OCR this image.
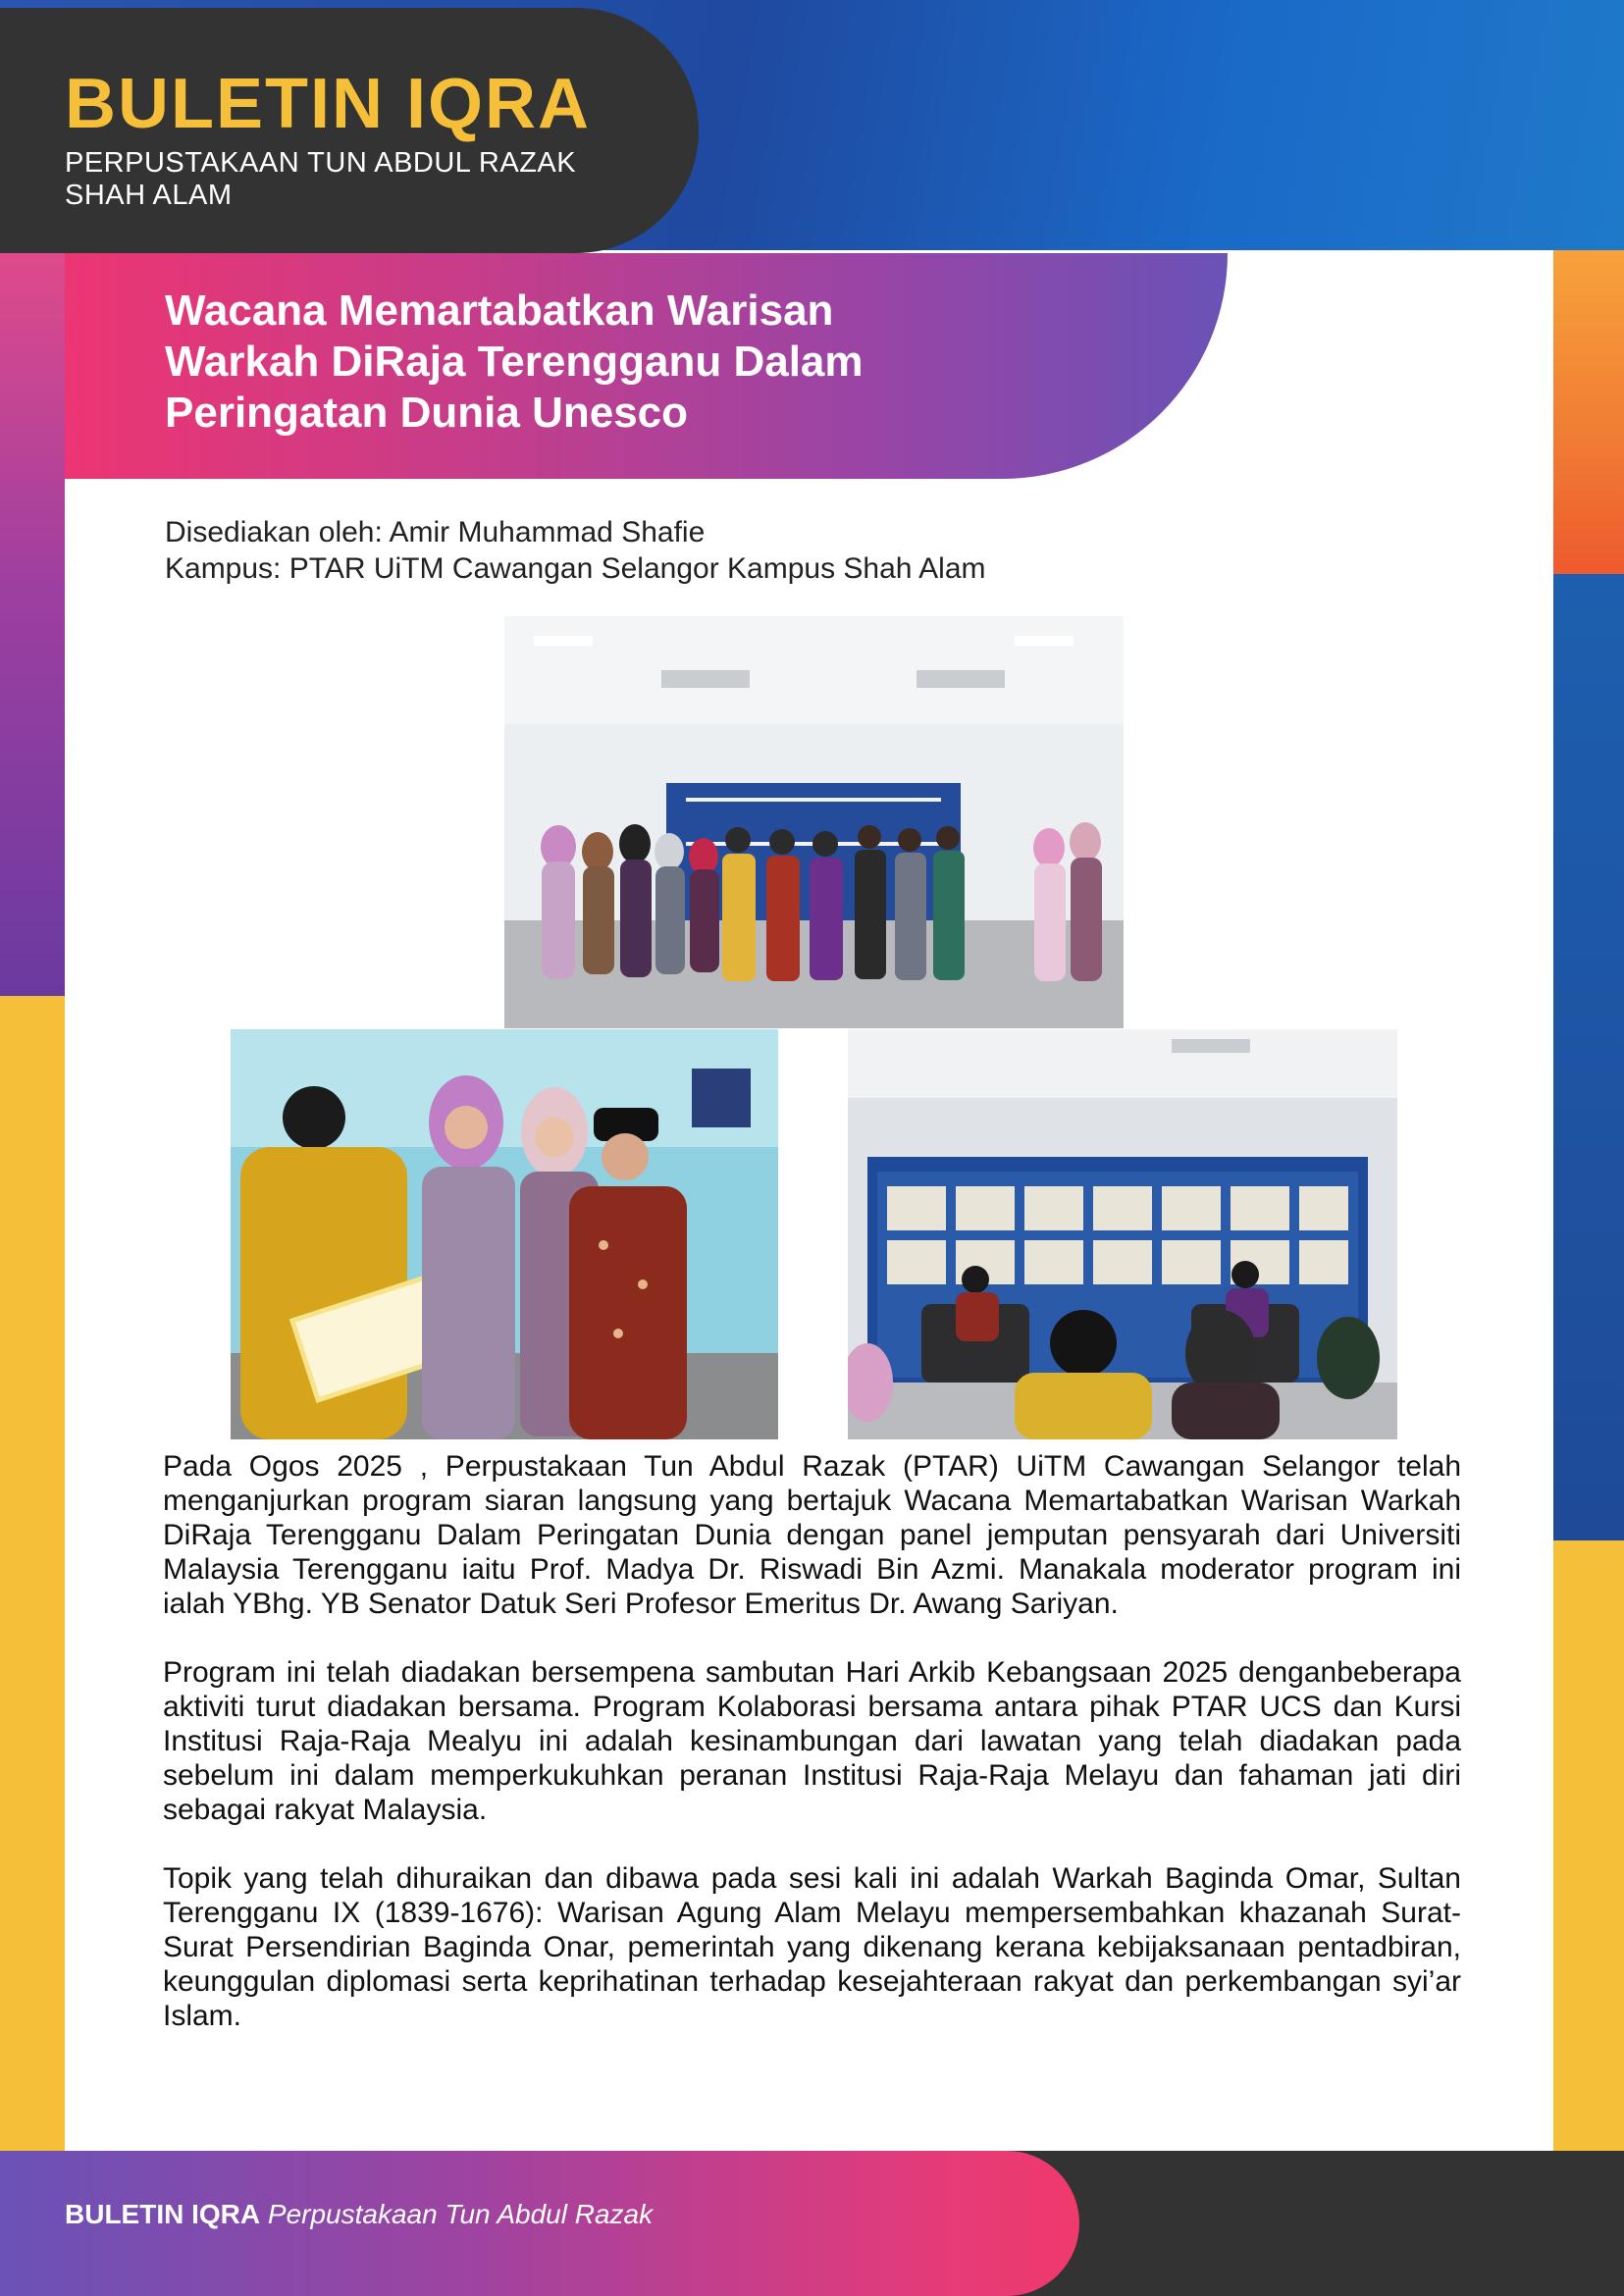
BULETIN IQRA
PERPUSTAKAAN TUN ABDUL RAZAK
SHAH ALAM
Wacana Memartabatkan Warisan
Warkah DiRaja Terengganu Dalam
Peringatan Dunia Unesco
Disediakan oleh: Amir Muhammad Shafie
Kampus: PTAR UiTM Cawangan Selangor Kampus Shah Alam

Pada Ogos 2025 , Perpustakaan Tun Abdul Razak (PTAR) UiTM Cawangan Selangor telah menganjurkan program siaran langsung yang bertajuk Wacana Memartabatkan Warisan Warkah DiRaja Terengganu Dalam Peringatan Dunia dengan panel jemputan pensyarah dari Universiti Malaysia Terengganu iaitu Prof. Madya Dr. Riswadi Bin Azmi. Manakala moderator program ini ialah YBhg. YB Senator Datuk Seri Profesor Emeritus Dr. Awang Sariyan.

Program ini telah diadakan bersempena sambutan Hari Arkib Kebangsaan 2025 denganbeberapa aktiviti turut diadakan bersama. Program Kolaborasi bersama antara pihak PTAR UCS dan Kursi Institusi Raja-Raja Mealyu ini adalah kesinambungan dari lawatan yang telah diadakan pada sebelum ini dalam memperkukuhkan peranan Institusi Raja-Raja Melayu dan fahaman jati diri sebagai rakyat Malaysia.

Topik yang telah dihuraikan dan dibawa pada sesi kali ini adalah Warkah Baginda Omar, Sultan Terengganu IX (1839-1676): Warisan Agung Alam Melayu mempersembahkan khazanah Surat-Surat Persendirian Baginda Onar, pemerintah yang dikenang kerana kebijaksanaan pentadbiran, keunggulan diplomasi serta keprihatinan terhadap kesejahteraan rakyat dan perkembangan syi’ar Islam.

BULETIN IQRA Perpustakaan Tun Abdul Razak
